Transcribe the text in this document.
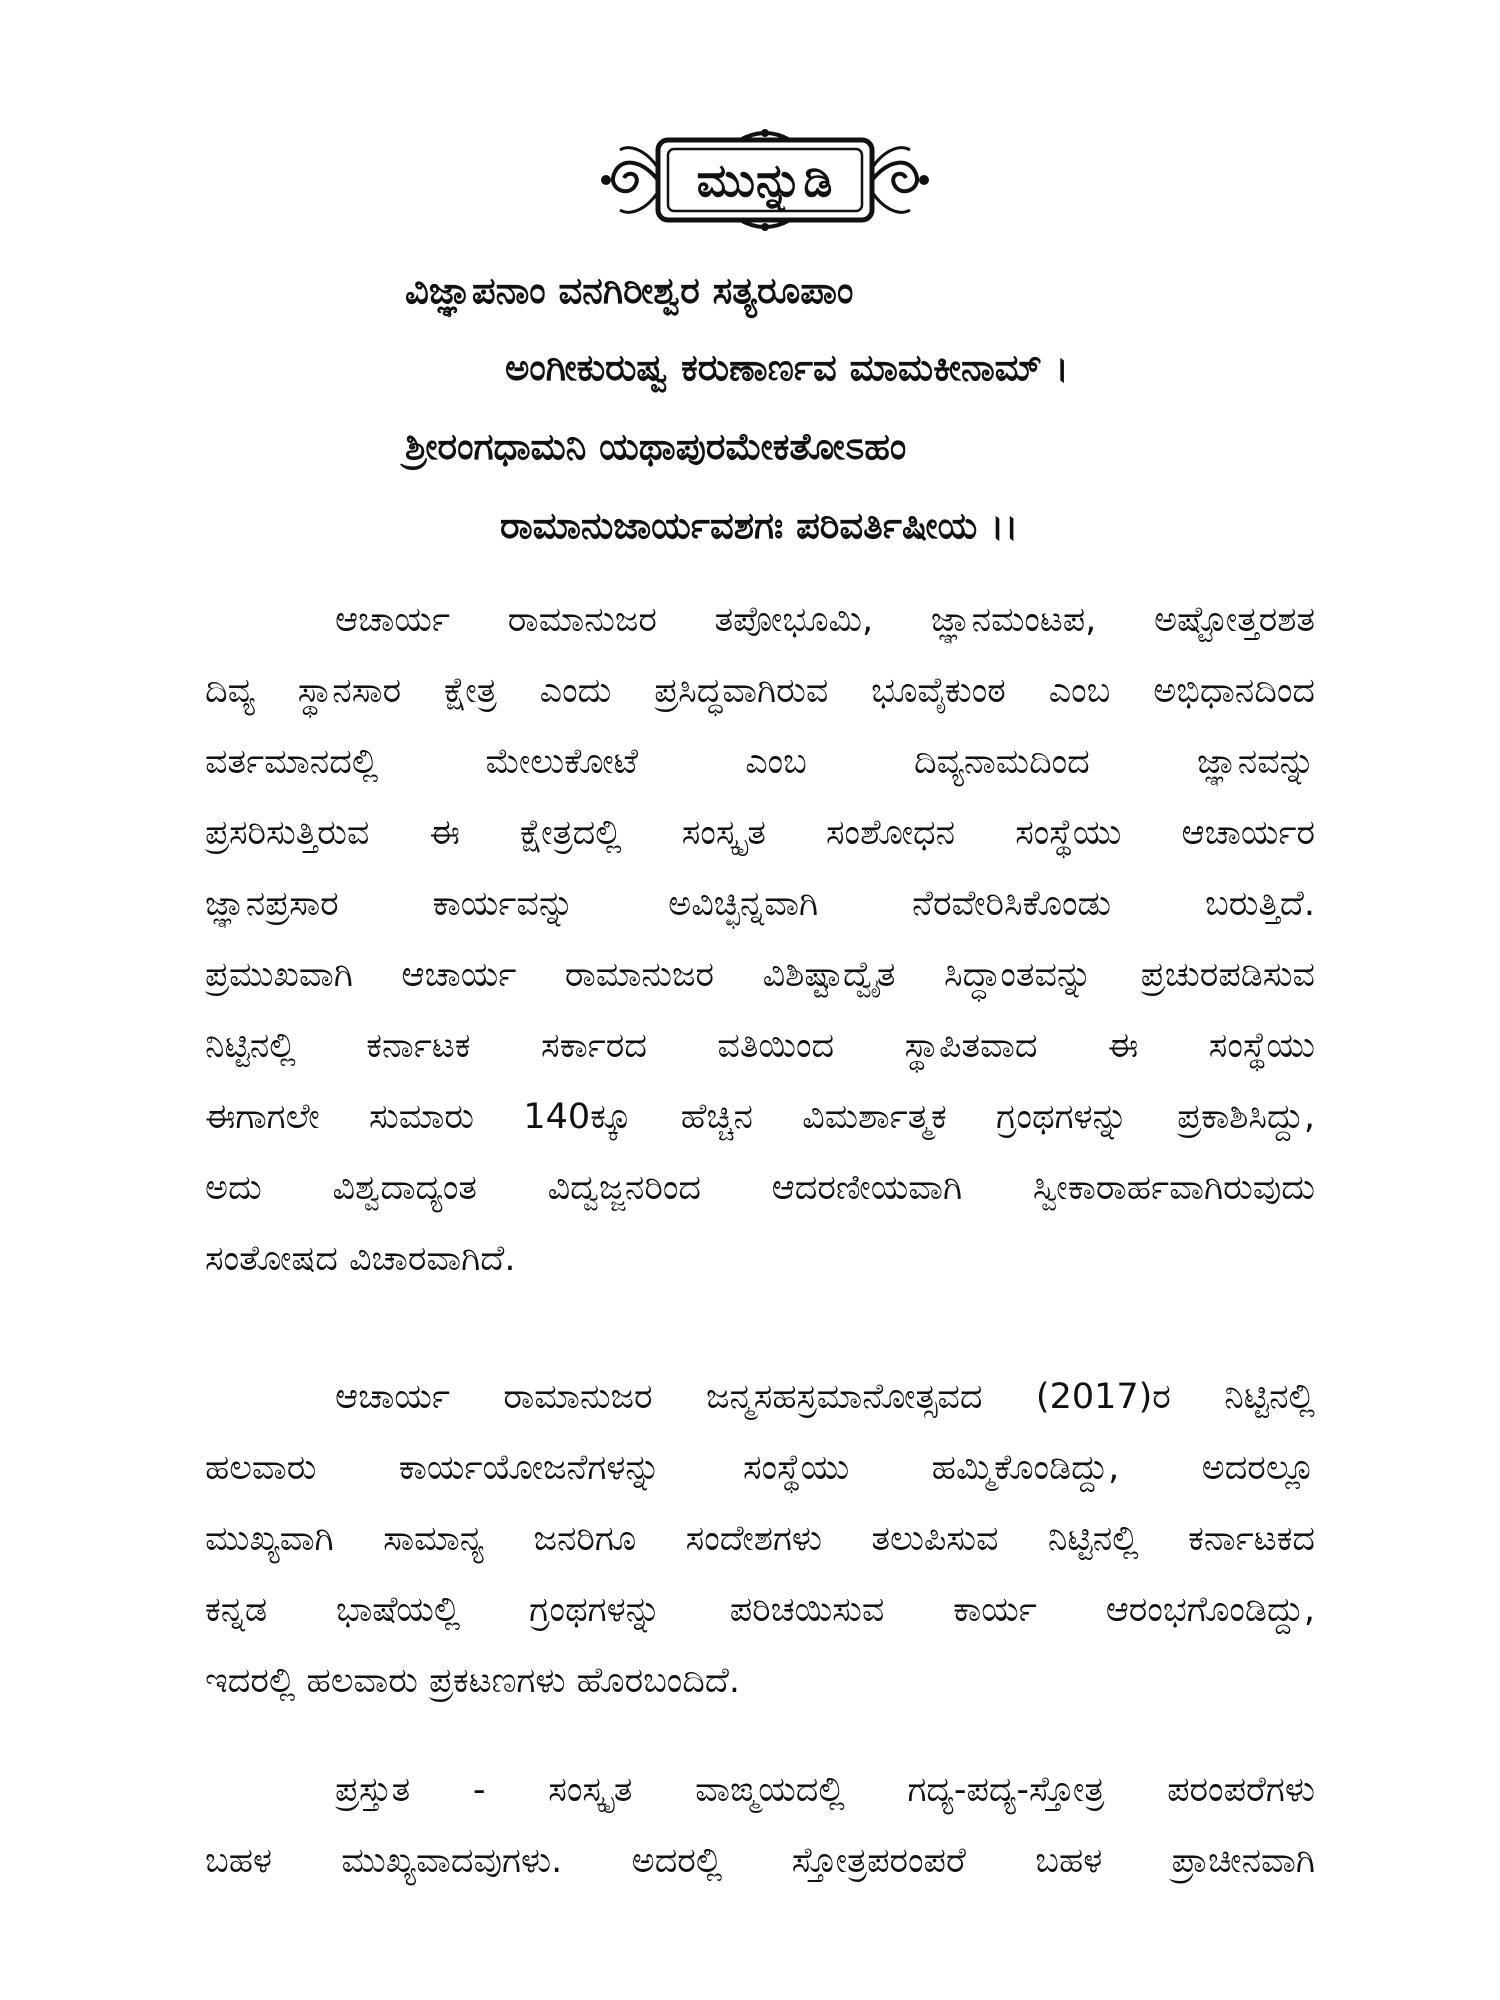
ಮುನ್ನುಡಿ
ವಿಜ್ಞಾಪನಾಂ ವನಗಿರೀಶ್ವರ ಸತ್ಯರೂಪಾಂ
ಅಂಗೀಕುರುಷ್ವ ಕರುಣಾರ್ಣವ ಮಾಮಕೀನಾಮ್ ।
ಶ್ರೀರಂಗಧಾಮನಿ ಯಥಾಪುರಮೇಕತೋಽಹಂ
ರಾಮಾನುಜಾರ್ಯವಶಗಃ ಪರಿವರ್ತಿಷೀಯ ।।
ಆಚಾರ್ಯ ರಾಮಾನುಜರ ತಪೋಭೂಮಿ, ಜ್ಞಾನಮಂಟಪ, ಅಷ್ಟೋತ್ತರಶತ
ದಿವ್ಯ ಸ್ಥಾನಸಾರ ಕ್ಷೇತ್ರ ಎಂದು ಪ್ರಸಿದ್ಧವಾಗಿರುವ ಭೂವೈಕುಂಠ ಎಂಬ ಅಭಿಧಾನದಿಂದ
ವರ್ತಮಾನದಲ್ಲಿ ಮೇಲುಕೋಟೆ ಎಂಬ ದಿವ್ಯನಾಮದಿಂದ ಜ್ಞಾನವನ್ನು
ಪ್ರಸರಿಸುತ್ತಿರುವ ಈ ಕ್ಷೇತ್ರದಲ್ಲಿ ಸಂಸ್ಕೃತ ಸಂಶೋಧನ ಸಂಸ್ಥೆಯು ಆಚಾರ್ಯರ
ಜ್ಞಾನಪ್ರಸಾರ ಕಾರ್ಯವನ್ನು ಅವಿಚ್ಛಿನ್ನವಾಗಿ ನೆರವೇರಿಸಿಕೊಂಡು ಬರುತ್ತಿದೆ.
ಪ್ರಮುಖವಾಗಿ ಆಚಾರ್ಯ ರಾಮಾನುಜರ ವಿಶಿಷ್ಟಾದ್ವೈತ ಸಿದ್ಧಾಂತವನ್ನು ಪ್ರಚುರಪಡಿಸುವ
ನಿಟ್ಟಿನಲ್ಲಿ ಕರ್ನಾಟಕ ಸರ್ಕಾರದ ವತಿಯಿಂದ ಸ್ಥಾಪಿತವಾದ ಈ ಸಂಸ್ಥೆಯು
ಈಗಾಗಲೇ ಸುಮಾರು 140ಕ್ಕೂ ಹೆಚ್ಚಿನ ವಿಮರ್ಶಾತ್ಮಕ ಗ್ರಂಥಗಳನ್ನು ಪ್ರಕಾಶಿಸಿದ್ದು,
ಅದು ವಿಶ್ವದಾದ್ಯಂತ ವಿದ್ವಜ್ಜನರಿಂದ ಆದರಣೀಯವಾಗಿ ಸ್ವೀಕಾರಾರ್ಹವಾಗಿರುವುದು
ಸಂತೋಷದ ವಿಚಾರವಾಗಿದೆ.
ಆಚಾರ್ಯ ರಾಮಾನುಜರ ಜನ್ಮಸಹಸ್ರಮಾನೋತ್ಸವದ (2017)ರ ನಿಟ್ಟಿನಲ್ಲಿ
ಹಲವಾರು ಕಾರ್ಯಯೋಜನೆಗಳನ್ನು ಸಂಸ್ಥೆಯು ಹಮ್ಮಿಕೊಂಡಿದ್ದು, ಅದರಲ್ಲೂ
ಮುಖ್ಯವಾಗಿ ಸಾಮಾನ್ಯ ಜನರಿಗೂ ಸಂದೇಶಗಳು ತಲುಪಿಸುವ ನಿಟ್ಟಿನಲ್ಲಿ ಕರ್ನಾಟಕದ
ಕನ್ನಡ ಭಾಷೆಯಲ್ಲಿ ಗ್ರಂಥಗಳನ್ನು ಪರಿಚಯಿಸುವ ಕಾರ್ಯ ಆರಂಭಗೊಂಡಿದ್ದು,
ಇದರಲ್ಲಿ ಹಲವಾರು ಪ್ರಕಟಣಗಳು ಹೊರಬಂದಿದೆ.
ಪ್ರಸ್ತುತ - ಸಂಸ್ಕೃತ ವಾಙ್ಮಯದಲ್ಲಿ ಗದ್ಯ-ಪದ್ಯ-ಸ್ತೋತ್ರ ಪರಂಪರೆಗಳು
ಬಹಳ ಮುಖ್ಯವಾದವುಗಳು. ಅದರಲ್ಲಿ ಸ್ತೋತ್ರಪರಂಪರೆ ಬಹಳ ಪ್ರಾಚೀನವಾಗಿ
